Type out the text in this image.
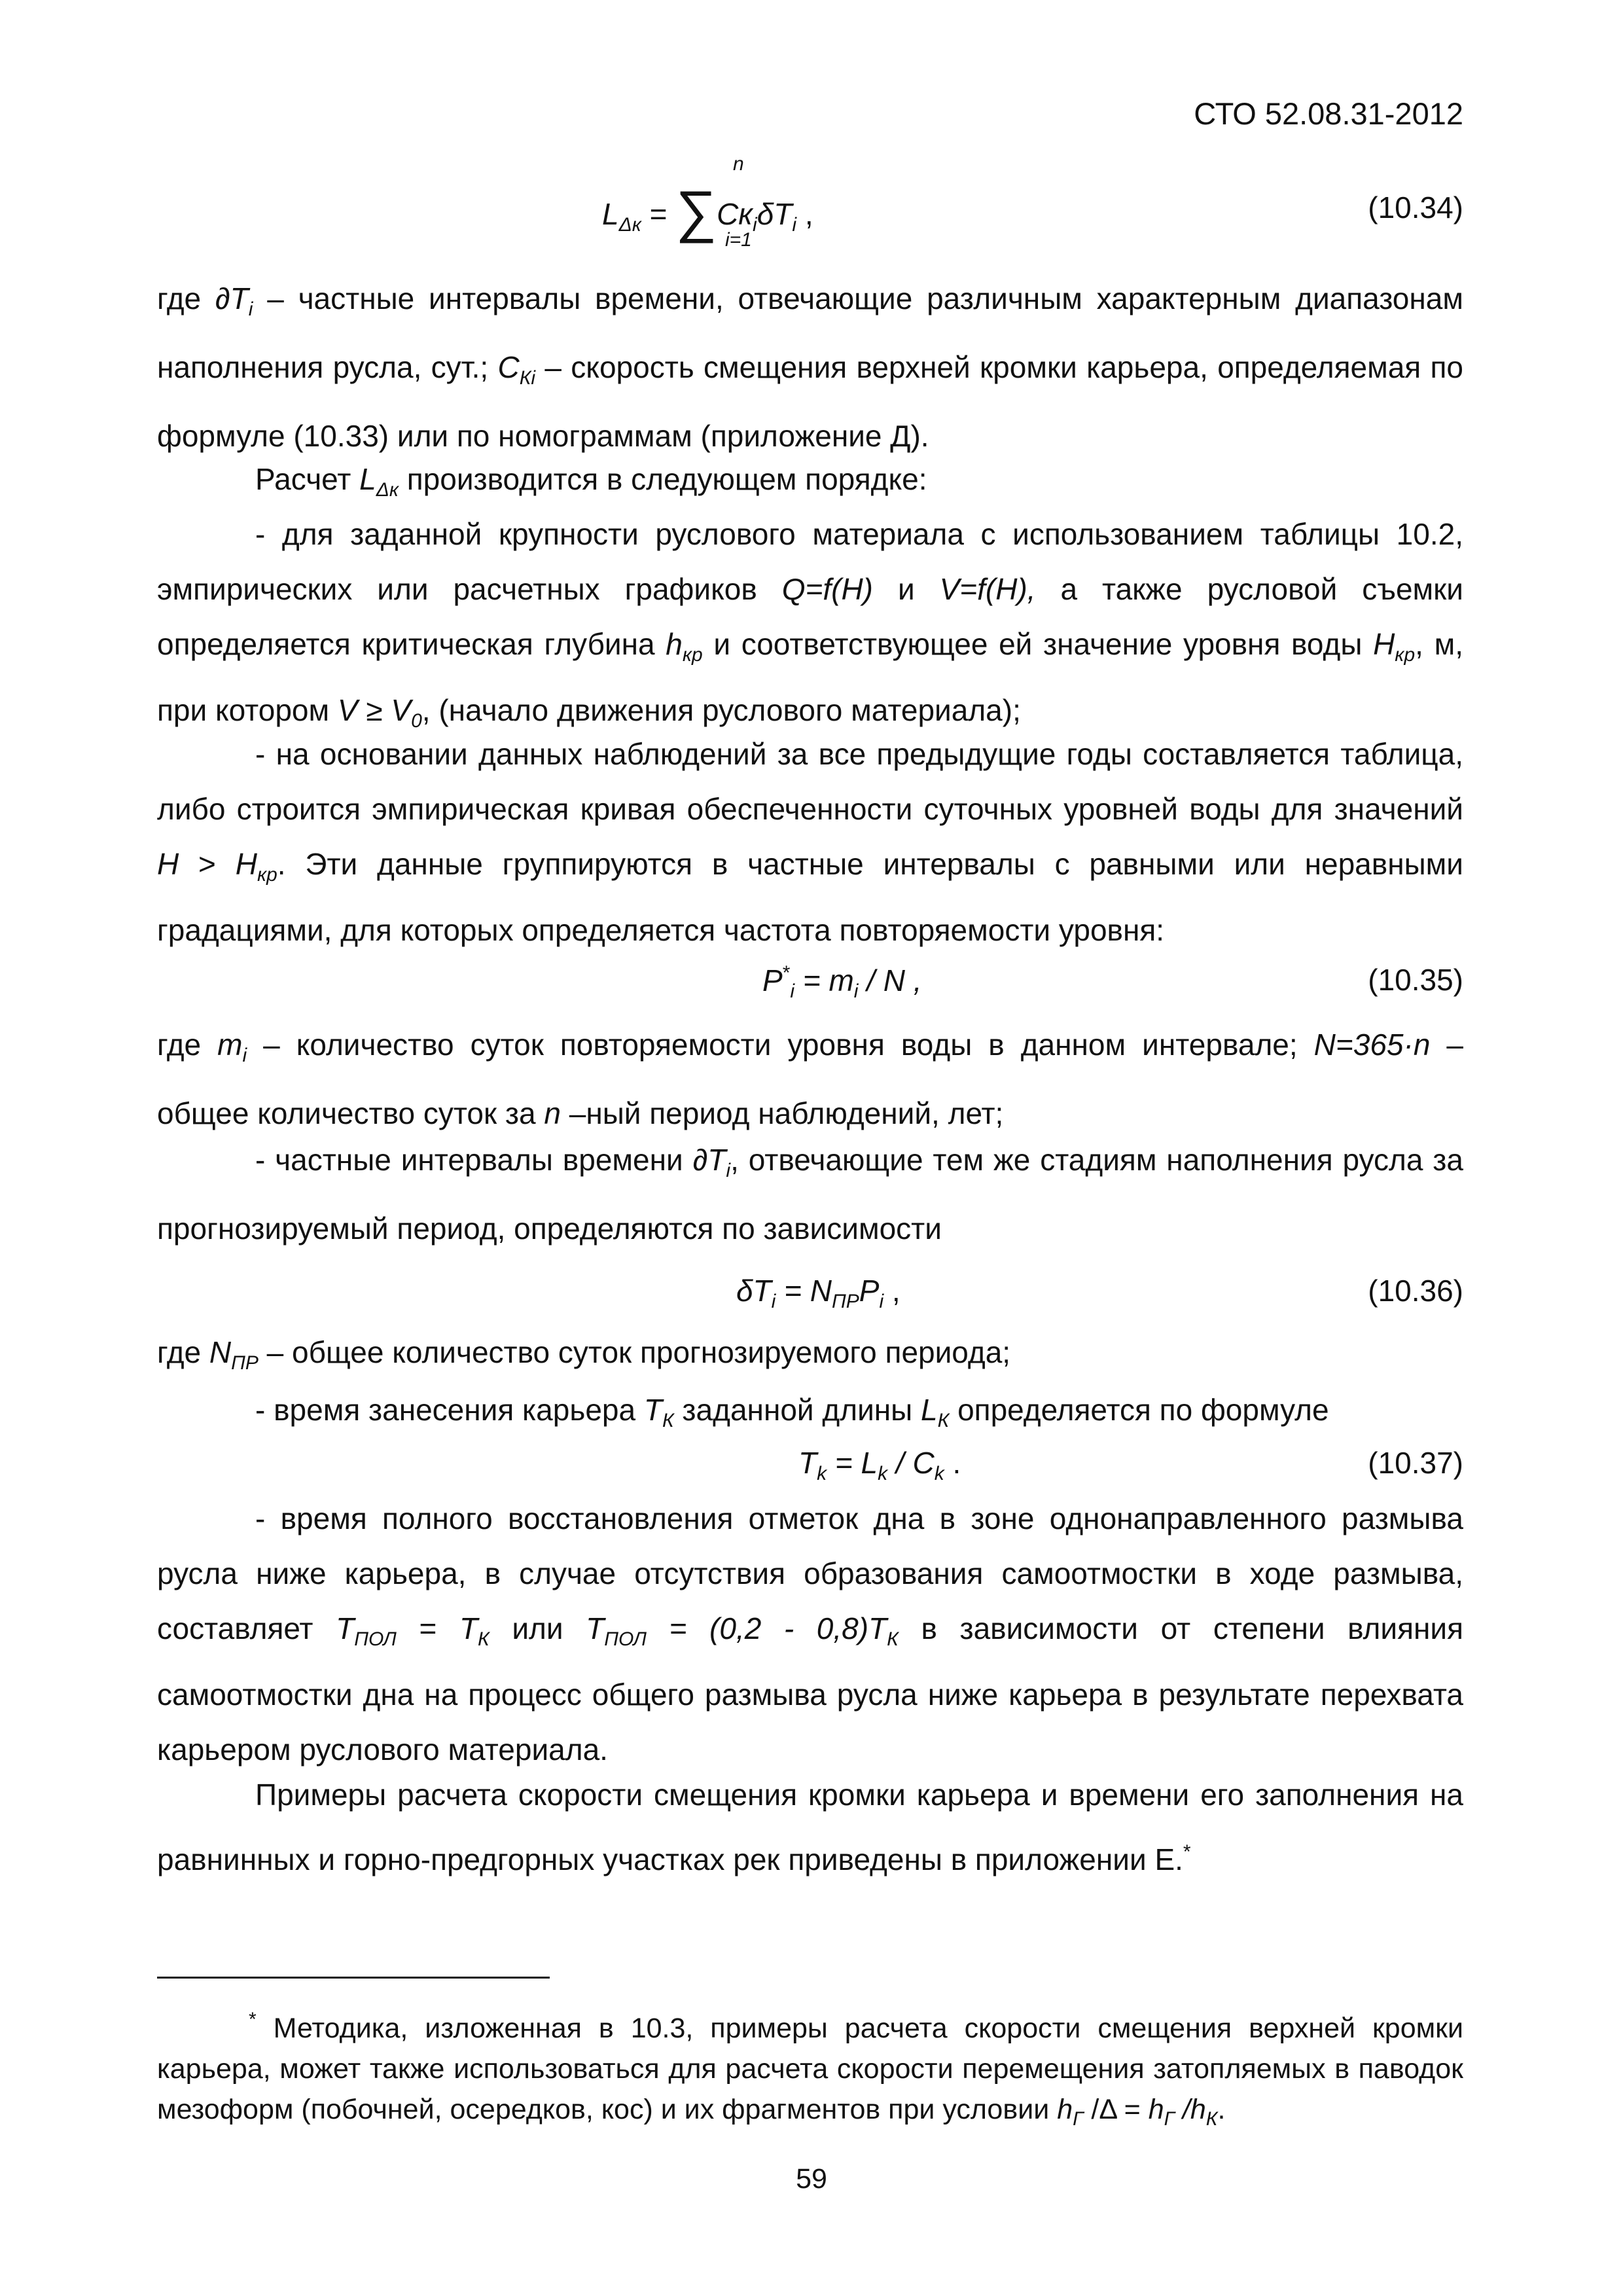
СТО 52.08.31-2012
n
$L_{\Delta к} = \sum Cк_i\delta T_i$ ,
i=1
(10.34)
где $\partial T_i$ – частные интервалы времени, отвечающие различным характерным диапазонам наполнения русла, сут.; $C_{Кi}$ – скорость смещения верхней кромки карьера, определяемая по формуле (10.33) или по номограммам (приложение Д).
Расчет $L_{\Delta к}$ производится в следующем порядке:
- для заданной крупности руслового материала с использованием таблицы 10.2, эмпирических или расчетных графиков Q=f(H) и V=f(H), а также русловой съемки определяется критическая глубина $h_{кр}$ и соответствующее ей значение уровня воды $H_{кр}$, м, при котором $V \ge V_0$, (начало движения руслового материала);
- на основании данных наблюдений за все предыдущие годы составляется таблица, либо строится эмпирическая кривая обеспеченности суточных уровней воды для значений $H > H_{кр}$. Эти данные группируются в частные интервалы с равными или неравными градациями, для которых определяется частота повторяемости уровня:
$P^*_i = m_i / N$ ,	(10.35)
где $m_i$ – количество суток повторяемости уровня воды в данном интервале; N=365·n – общее количество суток за n –ный период наблюдений, лет;
- частные интервалы времени $\partial T_i$, отвечающие тем же стадиям наполнения русла за прогнозируемый период, определяются по зависимости
$\delta T_i = N_{ПР}P_i$ ,	(10.36)
где $N_{ПР}$ – общее количество суток прогнозируемого периода;
- время занесения карьера $T_К$ заданной длины $L_К$ определяется по формуле
$T_k = L_k / C_k$ .	(10.37)
- время полного восстановления отметок дна в зоне однонаправленного размыва русла ниже карьера, в случае отсутствия образования самоотмостки в ходе размыва, составляет $T_{ПОЛ} = T_К$ или $T_{ПОЛ} = (0,2 - 0,8)T_К$ в зависимости от степени влияния самоотмостки дна на процесс общего размыва русла ниже карьера в результате перехвата карьером руслового материала.
Примеры расчета скорости смещения кромки карьера и времени его заполнения на равнинных и горно-предгорных участках рек приведены в приложении Е.*
* Методика, изложенная в 10.3, примеры расчета скорости смещения верхней кромки карьера, может также использоваться для расчета скорости перемещения затопляемых в паводок мезоформ (побочней, осередков, кос) и их фрагментов при условии $h_Г$ $/\Delta = h_Г$ $/h_К$.
59
